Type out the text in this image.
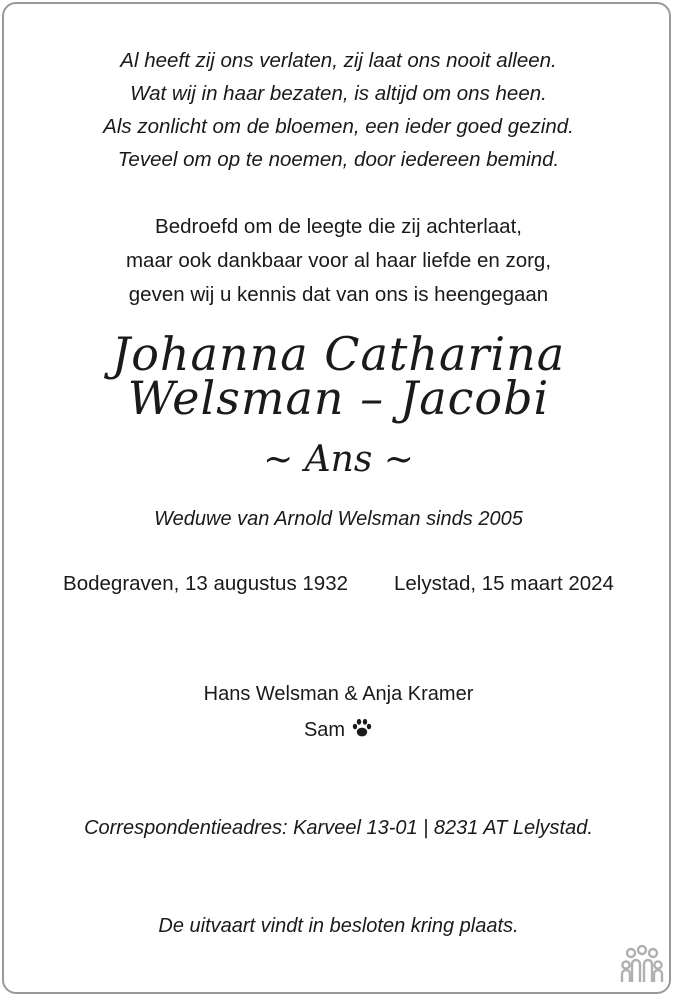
Al heeft zij ons verlaten, zij laat ons nooit alleen.
Wat wij in haar bezaten, is altijd om ons heen.
Als zonlicht om de bloemen, een ieder goed gezind.
Teveel om op te noemen, door iedereen bemind.
Bedroefd om de leegte die zij achterlaat,
maar ook dankbaar voor al haar liefde en zorg,
geven wij u kennis dat van ons is heengegaan
Johanna Catharina
Welsman – Jacobi
~ Ans ~
Weduwe van Arnold Welsman sinds 2005
Bodegraven, 13 augustus 1932 Lelystad, 15 maart 2024
Hans Welsman & Anja Kramer
Sam
Correspondentieadres: Karveel 13-01 | 8231 AT Lelystad.
De uitvaart vindt in besloten kring plaats.
